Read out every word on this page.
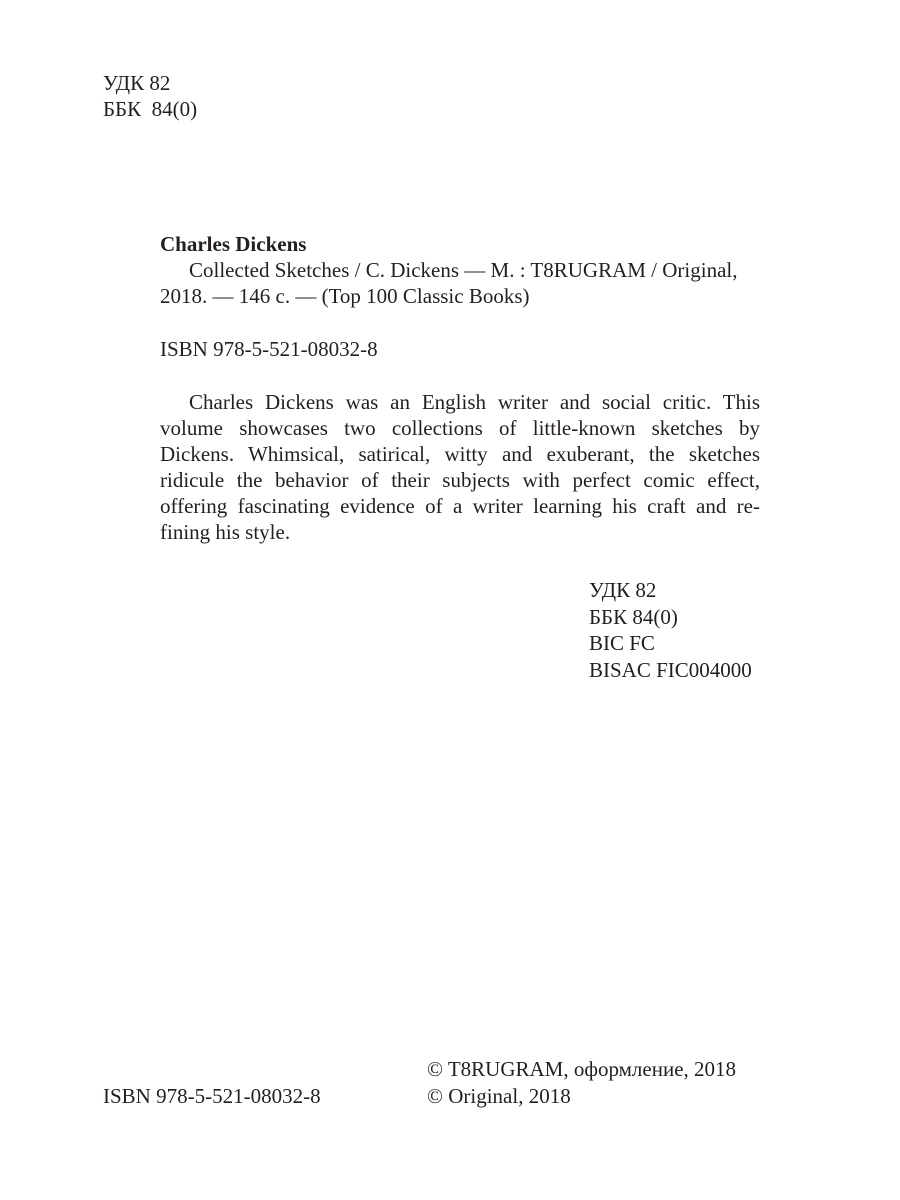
УДК 82
ББК  84(0)
Charles Dickens
Collected Sketches / C. Dickens — M. : T8RUGRAM / Original,
2018. — 146 с. — (Top 100 Classic Books)
ISBN 978-5-521-08032-8
Charles Dickens was an English writer and social critic. This
volume showcases two collections of little-known sketches by
Dickens. Whimsical, satirical, witty and exuberant, the sketches
ridicule the behavior of their subjects with perfect comic effect,
offering fascinating evidence of a writer learning his craft and re-
fining his style.
УДК 82
ББК 84(0)
BIC FC
BISAC FIC004000
ISBN 978-5-521-08032-8
© T8RUGRAM, оформление, 2018
© Original, 2018
